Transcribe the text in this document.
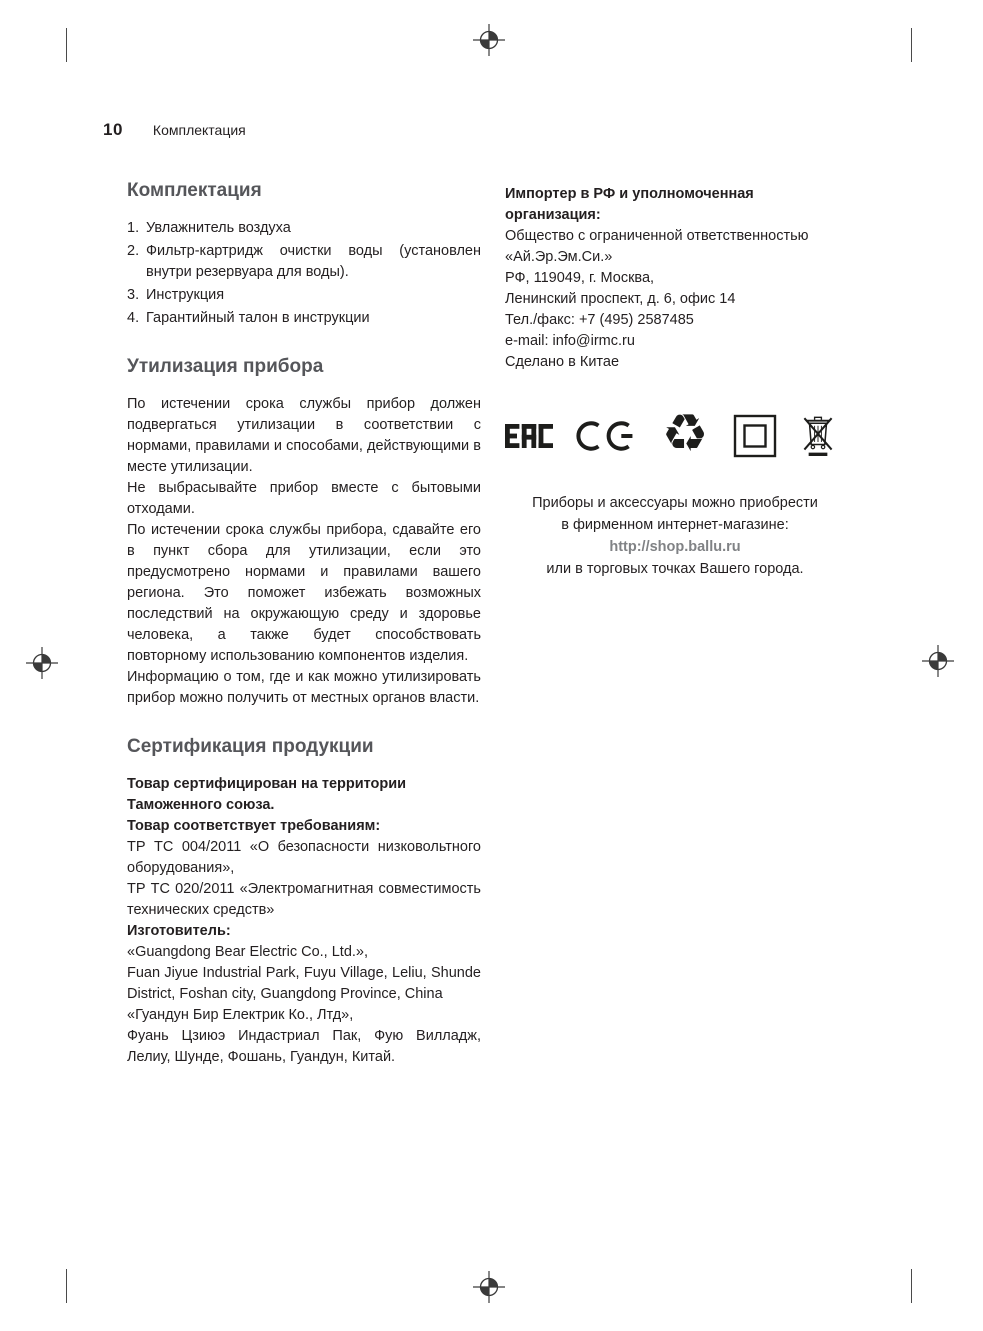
10 Комплектация
Комплектация
1. Увлажнитель воздуха
2. Фильтр-картридж очистки воды (установлен внутри резервуара для воды).
3. Инструкция
4. Гарантийный талон в инструкции
Утилизация прибора

По истечении срока службы прибор должен подвергаться утилизации в соответствии с нормами, правилами и способами, действующими в месте утилизации.

Не выбрасывайте прибор вместе с бытовыми отходами.

По истечении срока службы прибора, сдавайте его в пункт сбора для утилизации, если это предусмотрено нормами и правилами вашего региона. Это поможет избежать возможных последствий на окружающую среду и здоровье человека, а также будет способствовать повторному использованию компонентов изделия.

Информацию о том, где и как можно утилизировать прибор можно получить от местных органов власти.

Сертификация продукции

Товар сертифицирован на территории Таможенного союза.

Товар соответствует требованиям:

ТР ТС 004/2011 «О безопасности низковольтного оборудования»,

ТР ТС 020/2011 «Электромагнитная совместимость технических средств»

Изготовитель:

«Guangdong Bear Electric Co., Ltd.»,

Fuan Jiyue Industrial Park, Fuyu Village, Leliu, Shunde District, Foshan city, Guangdong Province, China

«Гуандун Бир Електрик Ко., Лтд»,

Фуань Цзиюэ Индастриал Пак, Фую Вилладж, Лелиу, Шунде, Фошань, Гуандун, Китай.

Импортер в РФ и уполномоченная организация:

Общество с ограниченной ответственностью

«Ай.Эр.Эм.Си.»

РФ, 119049, г. Москва,

Ленинский проспект, д. 6, офис 14

Тел./факс: +7 (495) 2587485

e-mail: info@irmc.ru

Сделано в Китае

♻

Приборы и аксессуары можно приобрести

в фирменном интернет-магазине:

http://shop.ballu.ru

или в торговых точках Вашего города.
